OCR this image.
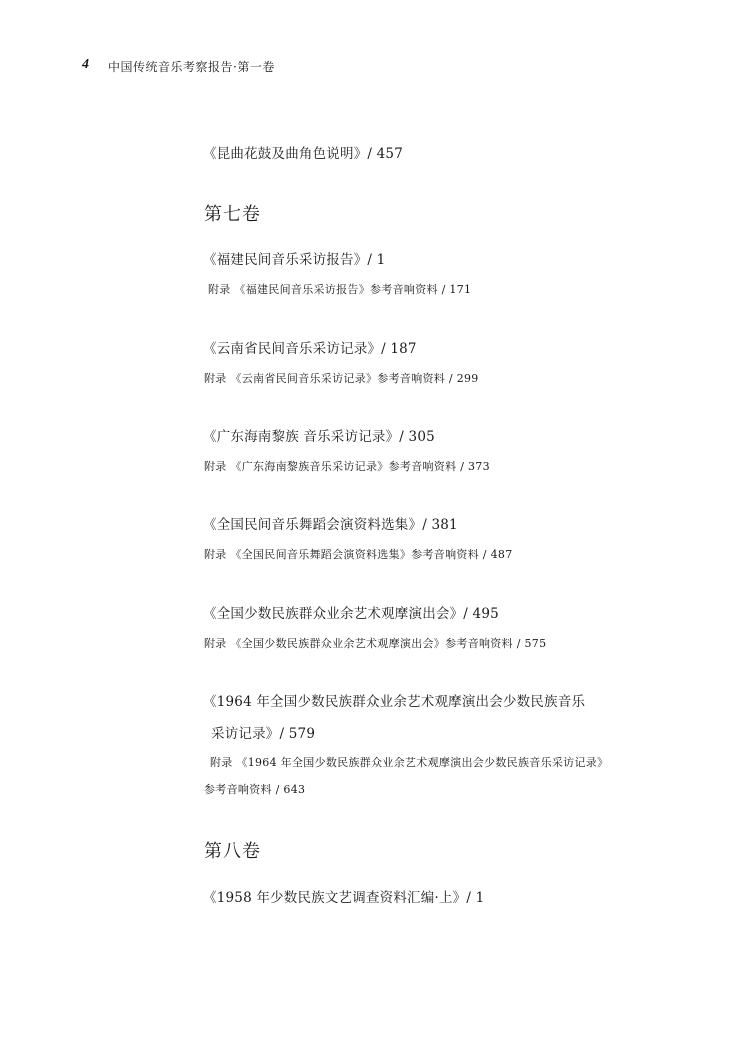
4 中国传统音乐考察报告·第一卷
《昆曲花鼓及曲角色说明》/ 457
第七卷
《福建民间音乐采访报告》/ 1
附录 《福建民间音乐采访报告》参考音响资料 / 171
《云南省民间音乐采访记录》/ 187
附录 《云南省民间音乐采访记录》参考音响资料 / 299
《广东海南黎族 音乐采访记录》/ 305
附录 《广东海南黎族音乐采访记录》参考音响资料 / 373
《全国民间音乐舞蹈会演资料选集》/ 381
附录 《全国民间音乐舞蹈会演资料选集》参考音响资料 / 487
《全国少数民族群众业余艺术观摩演出会》/ 495
附录 《全国少数民族群众业余艺术观摩演出会》参考音响资料 / 575
《1964 年全国少数民族群众业余艺术观摩演出会少数民族音乐
采访记录》/ 579
附录 《1964 年全国少数民族群众业余艺术观摩演出会少数民族音乐采访记录》
参考音响资料 / 643
第八卷
《1958 年少数民族文艺调查资料汇编·上》/ 1
